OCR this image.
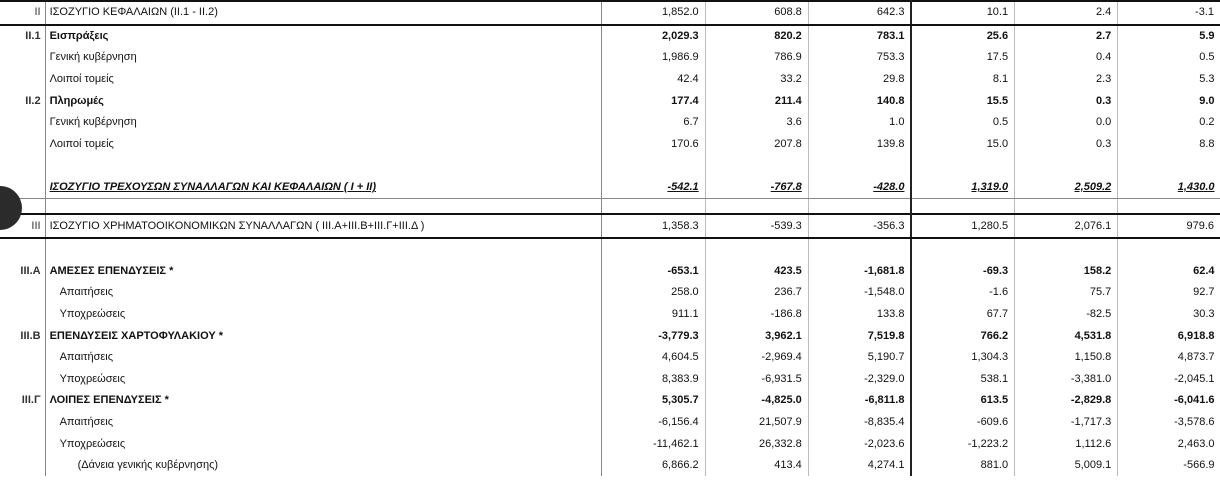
II	ΙΣΟΖΥΓΙΟ ΚΕΦΑΛΑΙΩΝ (ΙΙ.1 - ΙΙ.2)	1,852.0	608.8	642.3	10.1	2.4	-3.1
II.1	Εισπράξεις	2,029.3	820.2	783.1	25.6	2.7	5.9
	Γενική κυβέρνηση	1,986.9	786.9	753.3	17.5	0.4	0.5
	Λοιποί τομείς	42.4	33.2	29.8	8.1	2.3	5.3
II.2	Πληρωμές	177.4	211.4	140.8	15.5	0.3	9.0
	Γενική κυβέρνηση	6.7	3.6	1.0	0.5	0.0	0.2
	Λοιποί τομείς	170.6	207.8	139.8	15.0	0.3	8.8

	ΙΣΟΖΥΓΙΟ ΤΡΕΧΟΥΣΩΝ ΣΥΝΑΛΛΑΓΩΝ ΚΑΙ ΚΕΦΑΛΑΙΩΝ ( I + II)	-542.1	-767.8	-428.0	1,319.0	2,509.2	1,430.0

III	ΙΣΟΖΥΓΙΟ ΧΡΗΜΑΤΟΟΙΚΟΝΟΜΙΚΩΝ ΣΥΝΑΛΛΑΓΩΝ ( ΙΙΙ.Α+ΙΙΙ.Β+ΙΙΙ.Γ+ΙΙΙ.Δ )	1,358.3	-539.3	-356.3	1,280.5	2,076.1	979.6

III.A	ΑΜΕΣΕΣ ΕΠΕΝΔΥΣΕΙΣ *	-653.1	423.5	-1,681.8	-69.3	158.2	62.4
	Απαιτήσεις	258.0	236.7	-1,548.0	-1.6	75.7	92.7
	Υποχρεώσεις	911.1	-186.8	133.8	67.7	-82.5	30.3
III.B	ΕΠΕΝΔΥΣΕΙΣ ΧΑΡΤΟΦΥΛΑΚΙΟΥ *	-3,779.3	3,962.1	7,519.8	766.2	4,531.8	6,918.8
	Απαιτήσεις	4,604.5	-2,969.4	5,190.7	1,304.3	1,150.8	4,873.7
	Υποχρεώσεις	8,383.9	-6,931.5	-2,329.0	538.1	-3,381.0	-2,045.1
III.Γ	ΛΟΙΠΕΣ ΕΠΕΝΔΥΣΕΙΣ *	5,305.7	-4,825.0	-6,811.8	613.5	-2,829.8	-6,041.6
	Απαιτήσεις	-6,156.4	21,507.9	-8,835.4	-609.6	-1,717.3	-3,578.6
	Υποχρεώσεις	-11,462.1	26,332.8	-2,023.6	-1,223.2	1,112.6	2,463.0
	(Δάνεια γενικής κυβέρνησης)	6,866.2	413.4	4,274.1	881.0	5,009.1	-566.9
